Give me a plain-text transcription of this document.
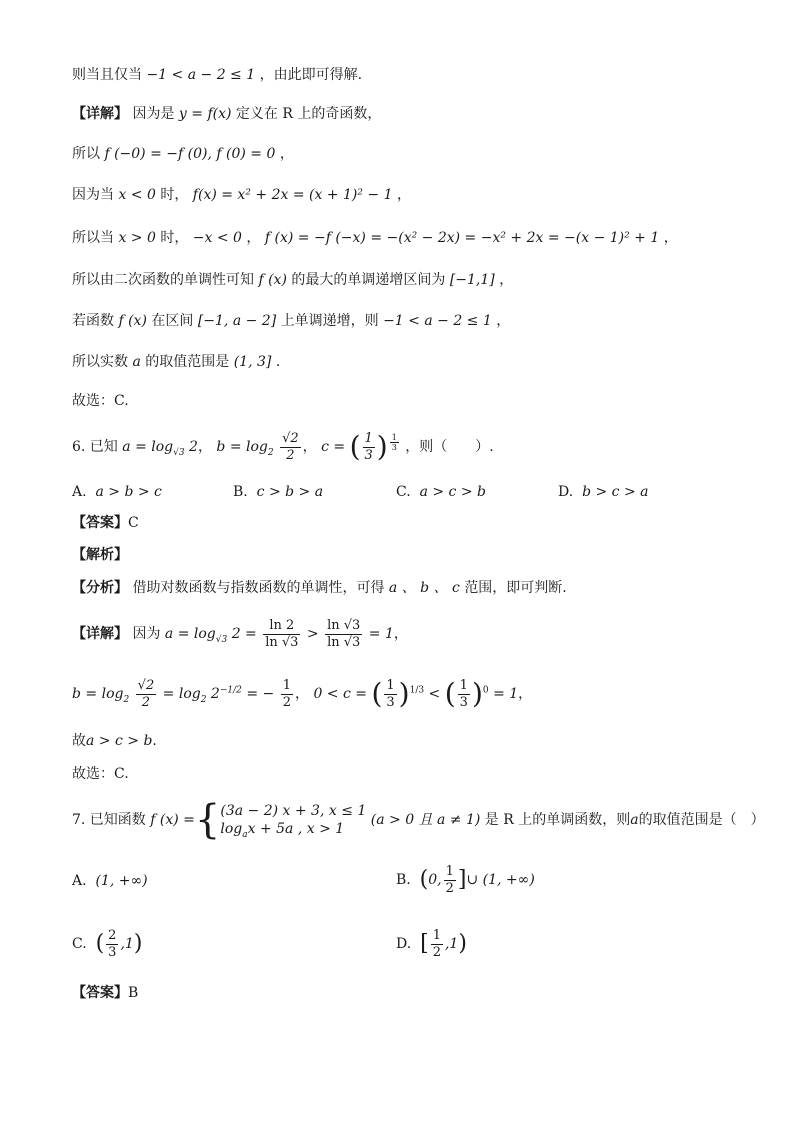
则当且仅当 −1 < a − 2 ≤ 1 ，由此即可得解.
【详解】 因为是 y = f(x) 定义在 R 上的奇函数，
所以 f (−0) = −f (0), f (0) = 0 ，
因为当 x < 0 时， f(x) = x² + 2x = (x + 1)² − 1 ，
所以当 x > 0 时， −x < 0 ， f (x) = −f (−x) = −(x² − 2x) = −x² + 2x = −(x − 1)² + 1 ，
所以由二次函数的单调性可知 f (x) 的最大的单调递增区间为 [−1,1] ，
若函数 f (x) 在区间 [−1, a − 2] 上单调递增，则 −1 < a − 2 ≤ 1 ，
所以实数 a 的取值范围是 (1, 3] .
故选：C.
6. 已知 $a = \log_{√3} 2$， $b = \log_2 \frac{√2}{2}$ ， c = ( $\frac{1}{3}$ ) $^{\frac{1}{3}}$ ，则（　　）.
A. a > b > c	B. c > b > a	C. a > c > b	D. b > c > a
【答案】C
【解析】
【分析】 借助对数函数与指数函数的单调性，可得 a 、 b 、 c 范围，即可判断.
【详解】 因为 $a = \log_{√3} 2 = \frac{\ln 2}{\ln √3} > \frac{\ln √3}{\ln √3} = 1$，
$b = \log_2 \frac{√2}{2} = \log_2 2^{-1/2}$ = − $\frac{1}{2}$ ， 0 < c = ( $\frac{1}{3} )^{1/3}$ < ( $\frac{1}{3} )^0 = 1$，
故a > c > b.
故选：C.
7. 已知函数 f (x) ={ (3a − 2) x + 3, x ≤ 1
$\log_ax + 5a$ , x > 1
(a > 0 且 a ≠ 1) 是 R 上的单调函数，则a的取值范围是（　）
A. (1, +∞)	B. (0, $\frac{1}{2}$ ]∪ (1, +∞)
C. ( $\frac{2}{3} ,1$)	D. [ $\frac{1}{2} ,1$)
【答案】B
